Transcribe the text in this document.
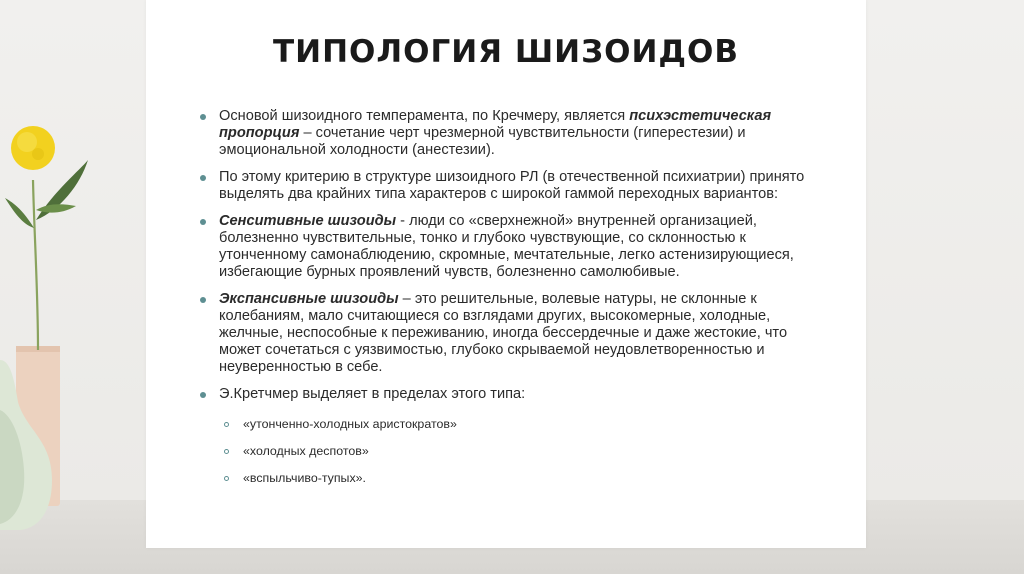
ТИПОЛОГИЯ ШИЗОИДОВ
Основой шизоидного темперамента, по Кречмеру, является психэстетическая пропорция – сочетание черт чрезмерной чувствительности (гиперестезии) и эмоциональной холодности (анестезии).
По этому критерию в структуре шизоидного РЛ (в отечественной психиатрии) принято выделять два крайних типа характеров с широкой гаммой переходных вариантов:
Сенситивные шизоиды - люди со «сверхнежной» внутренней организацией, болезненно чувствительные, тонко и глубоко чувствующие, со склонностью к утонченному самонаблюдению, скромные, мечтательные, легко астенизирующиеся, избегающие бурных проявлений чувств, болезненно самолюбивые.
Экспансивные шизоиды – это решительные, волевые натуры, не склонные к колебаниям, мало считающиеся со взглядами других, высокомерные, холодные, желчные, неспособные к переживанию, иногда бессердечные и даже жестокие, что может сочетаться с уязвимостью, глубоко скрываемой неудовлетворенностью и неуверенностью в себе.
Э.Кретчмер выделяет в пределах этого типа:
«утонченно-холодных аристократов»
«холодных деспотов»
«вспыльчиво-тупых».
